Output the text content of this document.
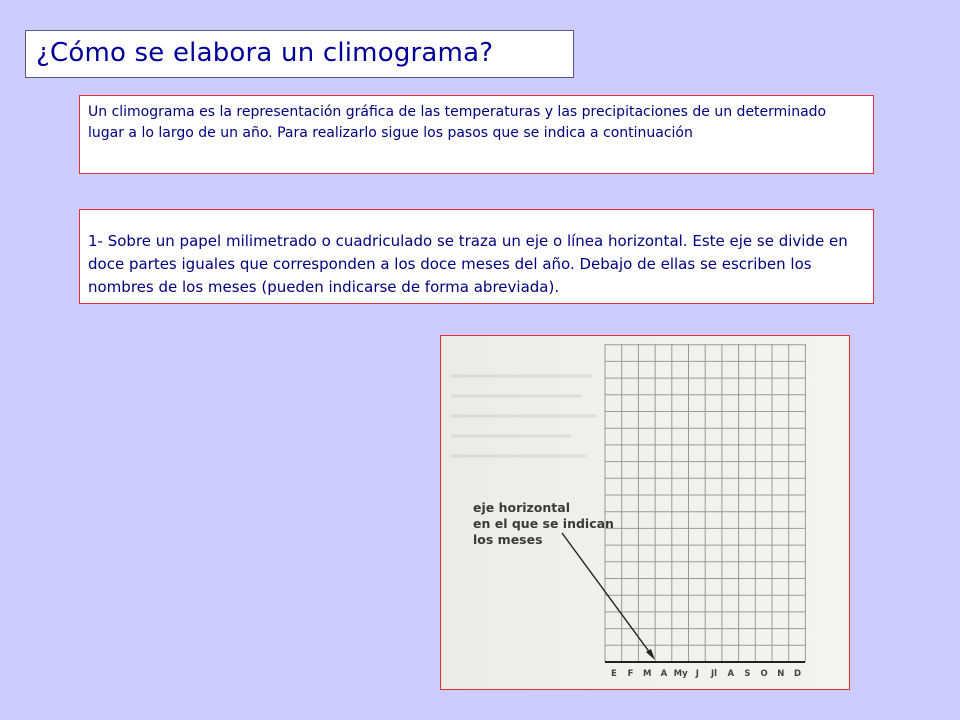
¿Cómo se elabora un climograma?

Un climograma es la representación gráfica de las temperaturas y las precipitaciones de un determinado lugar a lo largo de un año. Para realizarlo sigue los pasos que se indica a continuación

1- Sobre un papel milimetrado o cuadriculado se traza un eje o línea horizontal. Este eje se divide en doce partes iguales que corresponden a los doce meses del año. Debajo de ellas se escriben los nombres de los meses (pueden indicarse de forma abreviada).

eje horizontal
en el que se indican
los meses
E	F	M	A My J	Jl	A	S	O	N	D
